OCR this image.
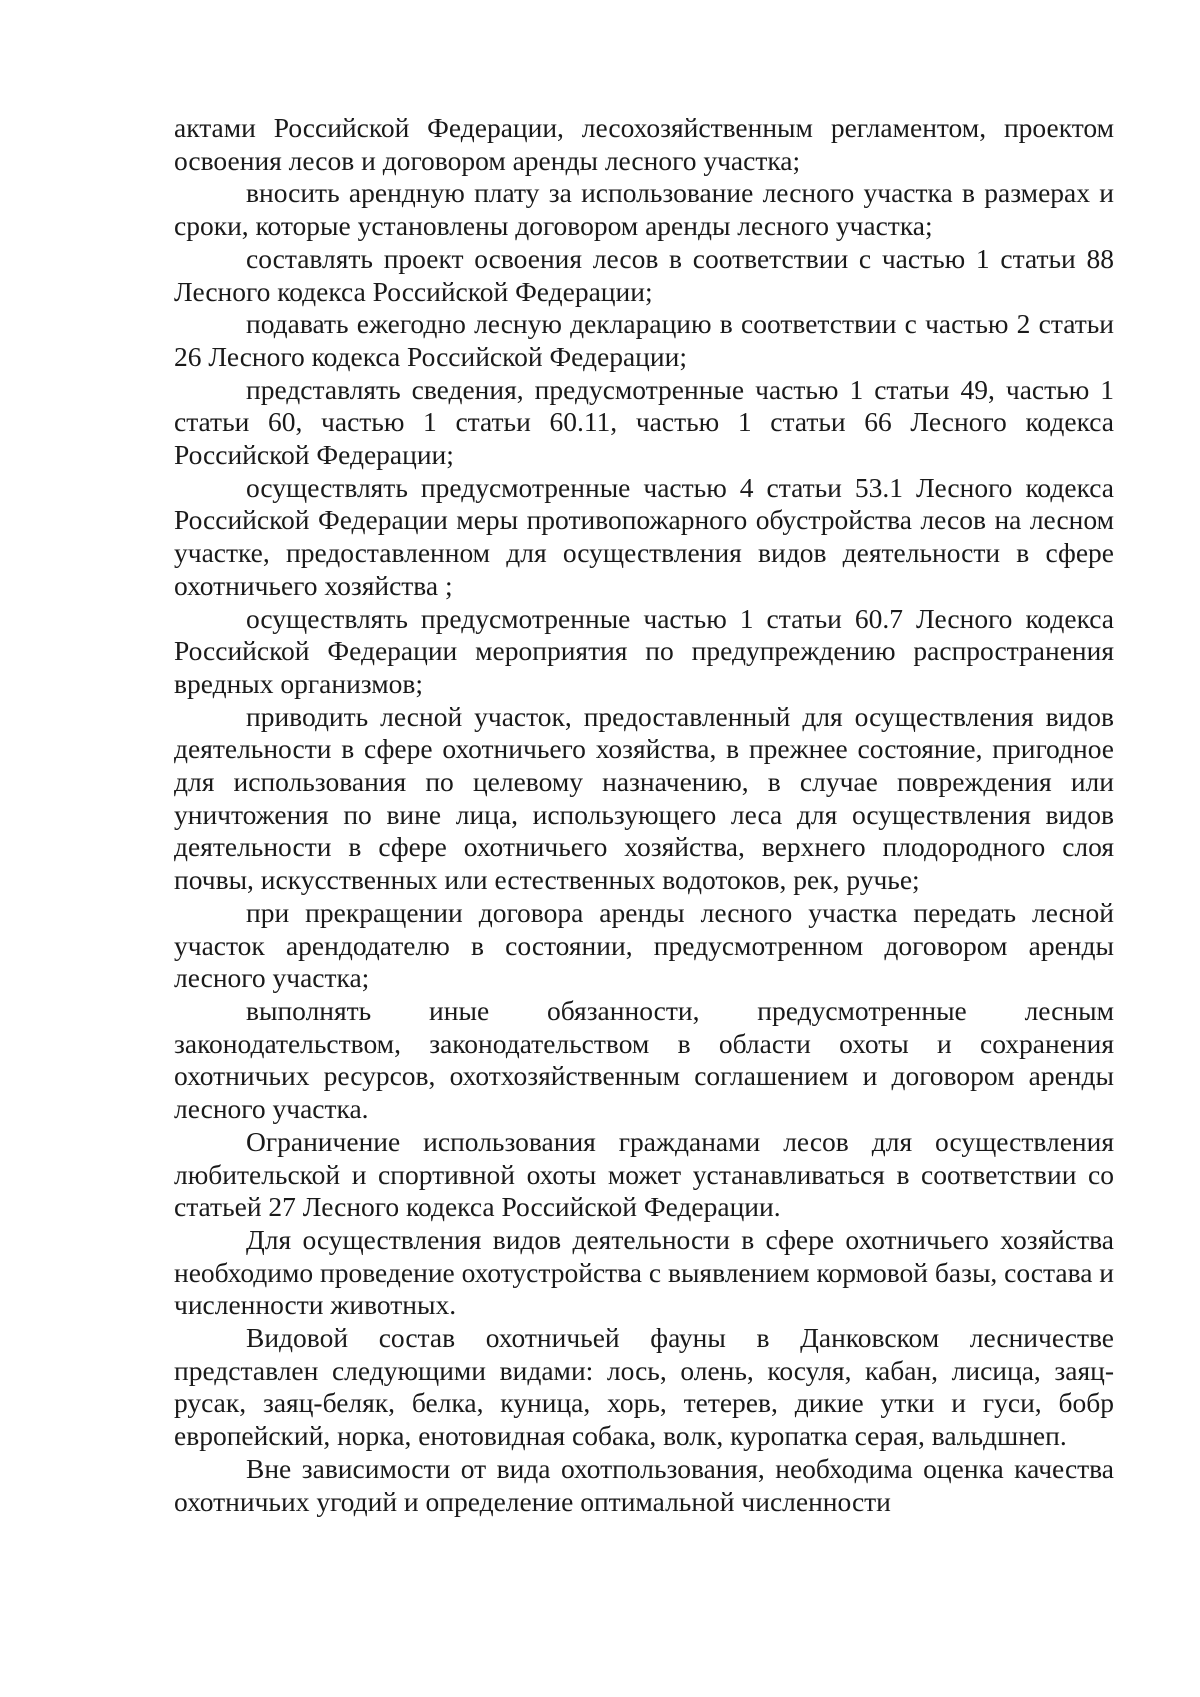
актами Российской Федерации, лесохозяйственным регламентом, проектом освоения лесов и договором аренды лесного участка;

вносить арендную плату за использование лесного участка в размерах и сроки, которые установлены договором аренды лесного участка;

составлять проект освоения лесов в соответствии с частью 1 статьи 88 Лесного кодекса Российской Федерации;

подавать ежегодно лесную декларацию в соответствии с частью 2 статьи 26 Лесного кодекса Российской Федерации;

представлять сведения, предусмотренные частью 1 статьи 49, частью 1 статьи 60, частью 1 статьи 60.11, частью 1 статьи 66 Лесного кодекса Российской Федерации;

осуществлять предусмотренные частью 4 статьи 53.1 Лесного кодекса Российской Федерации меры противопожарного обустройства лесов на лесном участке, предоставленном для осуществления видов деятельности в сфере охотничьего хозяйства ;

осуществлять предусмотренные частью 1 статьи 60.7 Лесного кодекса Российской Федерации мероприятия по предупреждению распространения вредных организмов;

приводить лесной участок, предоставленный для осуществления видов деятельности в сфере охотничьего хозяйства, в прежнее состояние, пригодное для использования по целевому назначению, в случае повреждения или уничтожения по вине лица, использующего леса для осуществления видов деятельности в сфере охотничьего хозяйства, верхнего плодородного слоя почвы, искусственных или естественных водотоков, рек, ручье;

при прекращении договора аренды лесного участка передать лесной участок арендодателю в состоянии, предусмотренном договором аренды лесного участка;

выполнять иные обязанности, предусмотренные лесным законодательством, законодательством в области охоты и сохранения охотничьих ресурсов, охотхозяйственным соглашением и договором аренды лесного участка.

Ограничение использования гражданами лесов для осуществления любительской и спортивной охоты может устанавливаться в соответствии со статьей 27 Лесного кодекса Российской Федерации.

Для осуществления видов деятельности в сфере охотничьего хозяйства необходимо проведение охотустройства с выявлением кормовой базы, состава и численности животных.

Видовой состав охотничьей фауны в Данковском лесничестве представлен следующими видами: лось, олень, косуля, кабан, лисица, заяц-русак, заяц-беляк, белка, куница, хорь, тетерев, дикие утки и гуси, бобр европейский, норка, енотовидная собака, волк, куропатка серая, вальдшнеп.

Вне зависимости от вида охотпользования, необходима оценка качества охотничьих угодий и определение оптимальной численности
